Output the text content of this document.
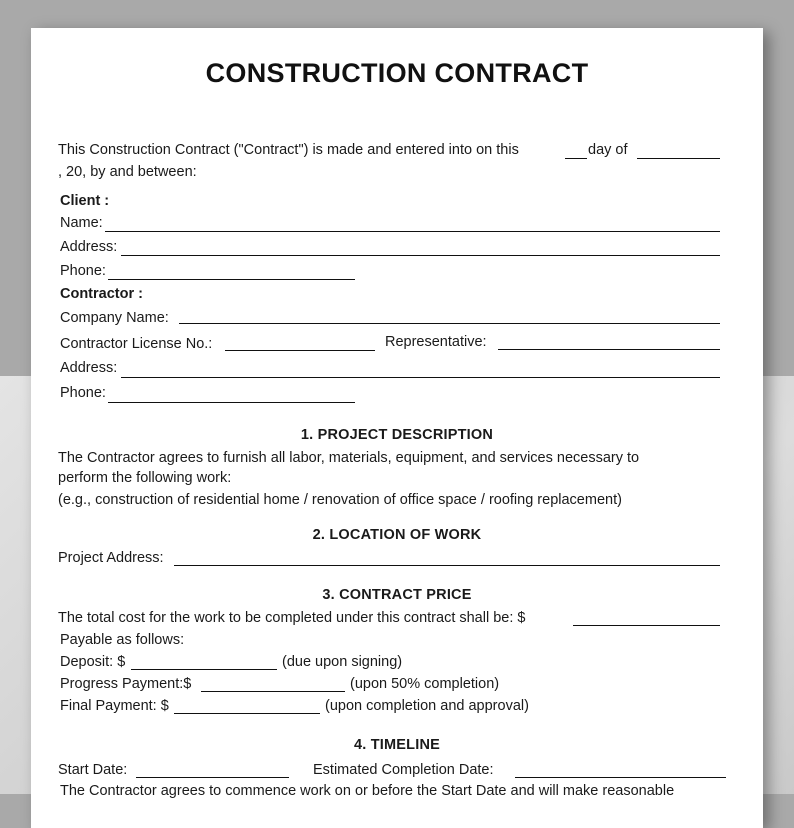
CONSTRUCTION CONTRACT
This Construction Contract ("Contract") is made and entered into on this	day of
, 20, by and between:
Client :
Name:
Address:
Phone:
Contractor :
Company Name:
Contractor License No.:	Representative:
Address:
Phone:
1. PROJECT DESCRIPTION
The Contractor agrees to furnish all labor, materials, equipment, and services necessary to
perform the following work:
(e.g., construction of residential home / renovation of office space / roofing replacement)
2. LOCATION OF WORK
Project Address:
3. CONTRACT PRICE
The total cost for the work to be completed under this contract shall be: $
Payable as follows:
Deposit: $	(due upon signing)
Progress Payment:$	(upon 50% completion)
Final Payment: $	(upon completion and approval)
4. TIMELINE
Start Date:	Estimated Completion Date:
The Contractor agrees to commence work on or before the Start Date and will make reasonable
